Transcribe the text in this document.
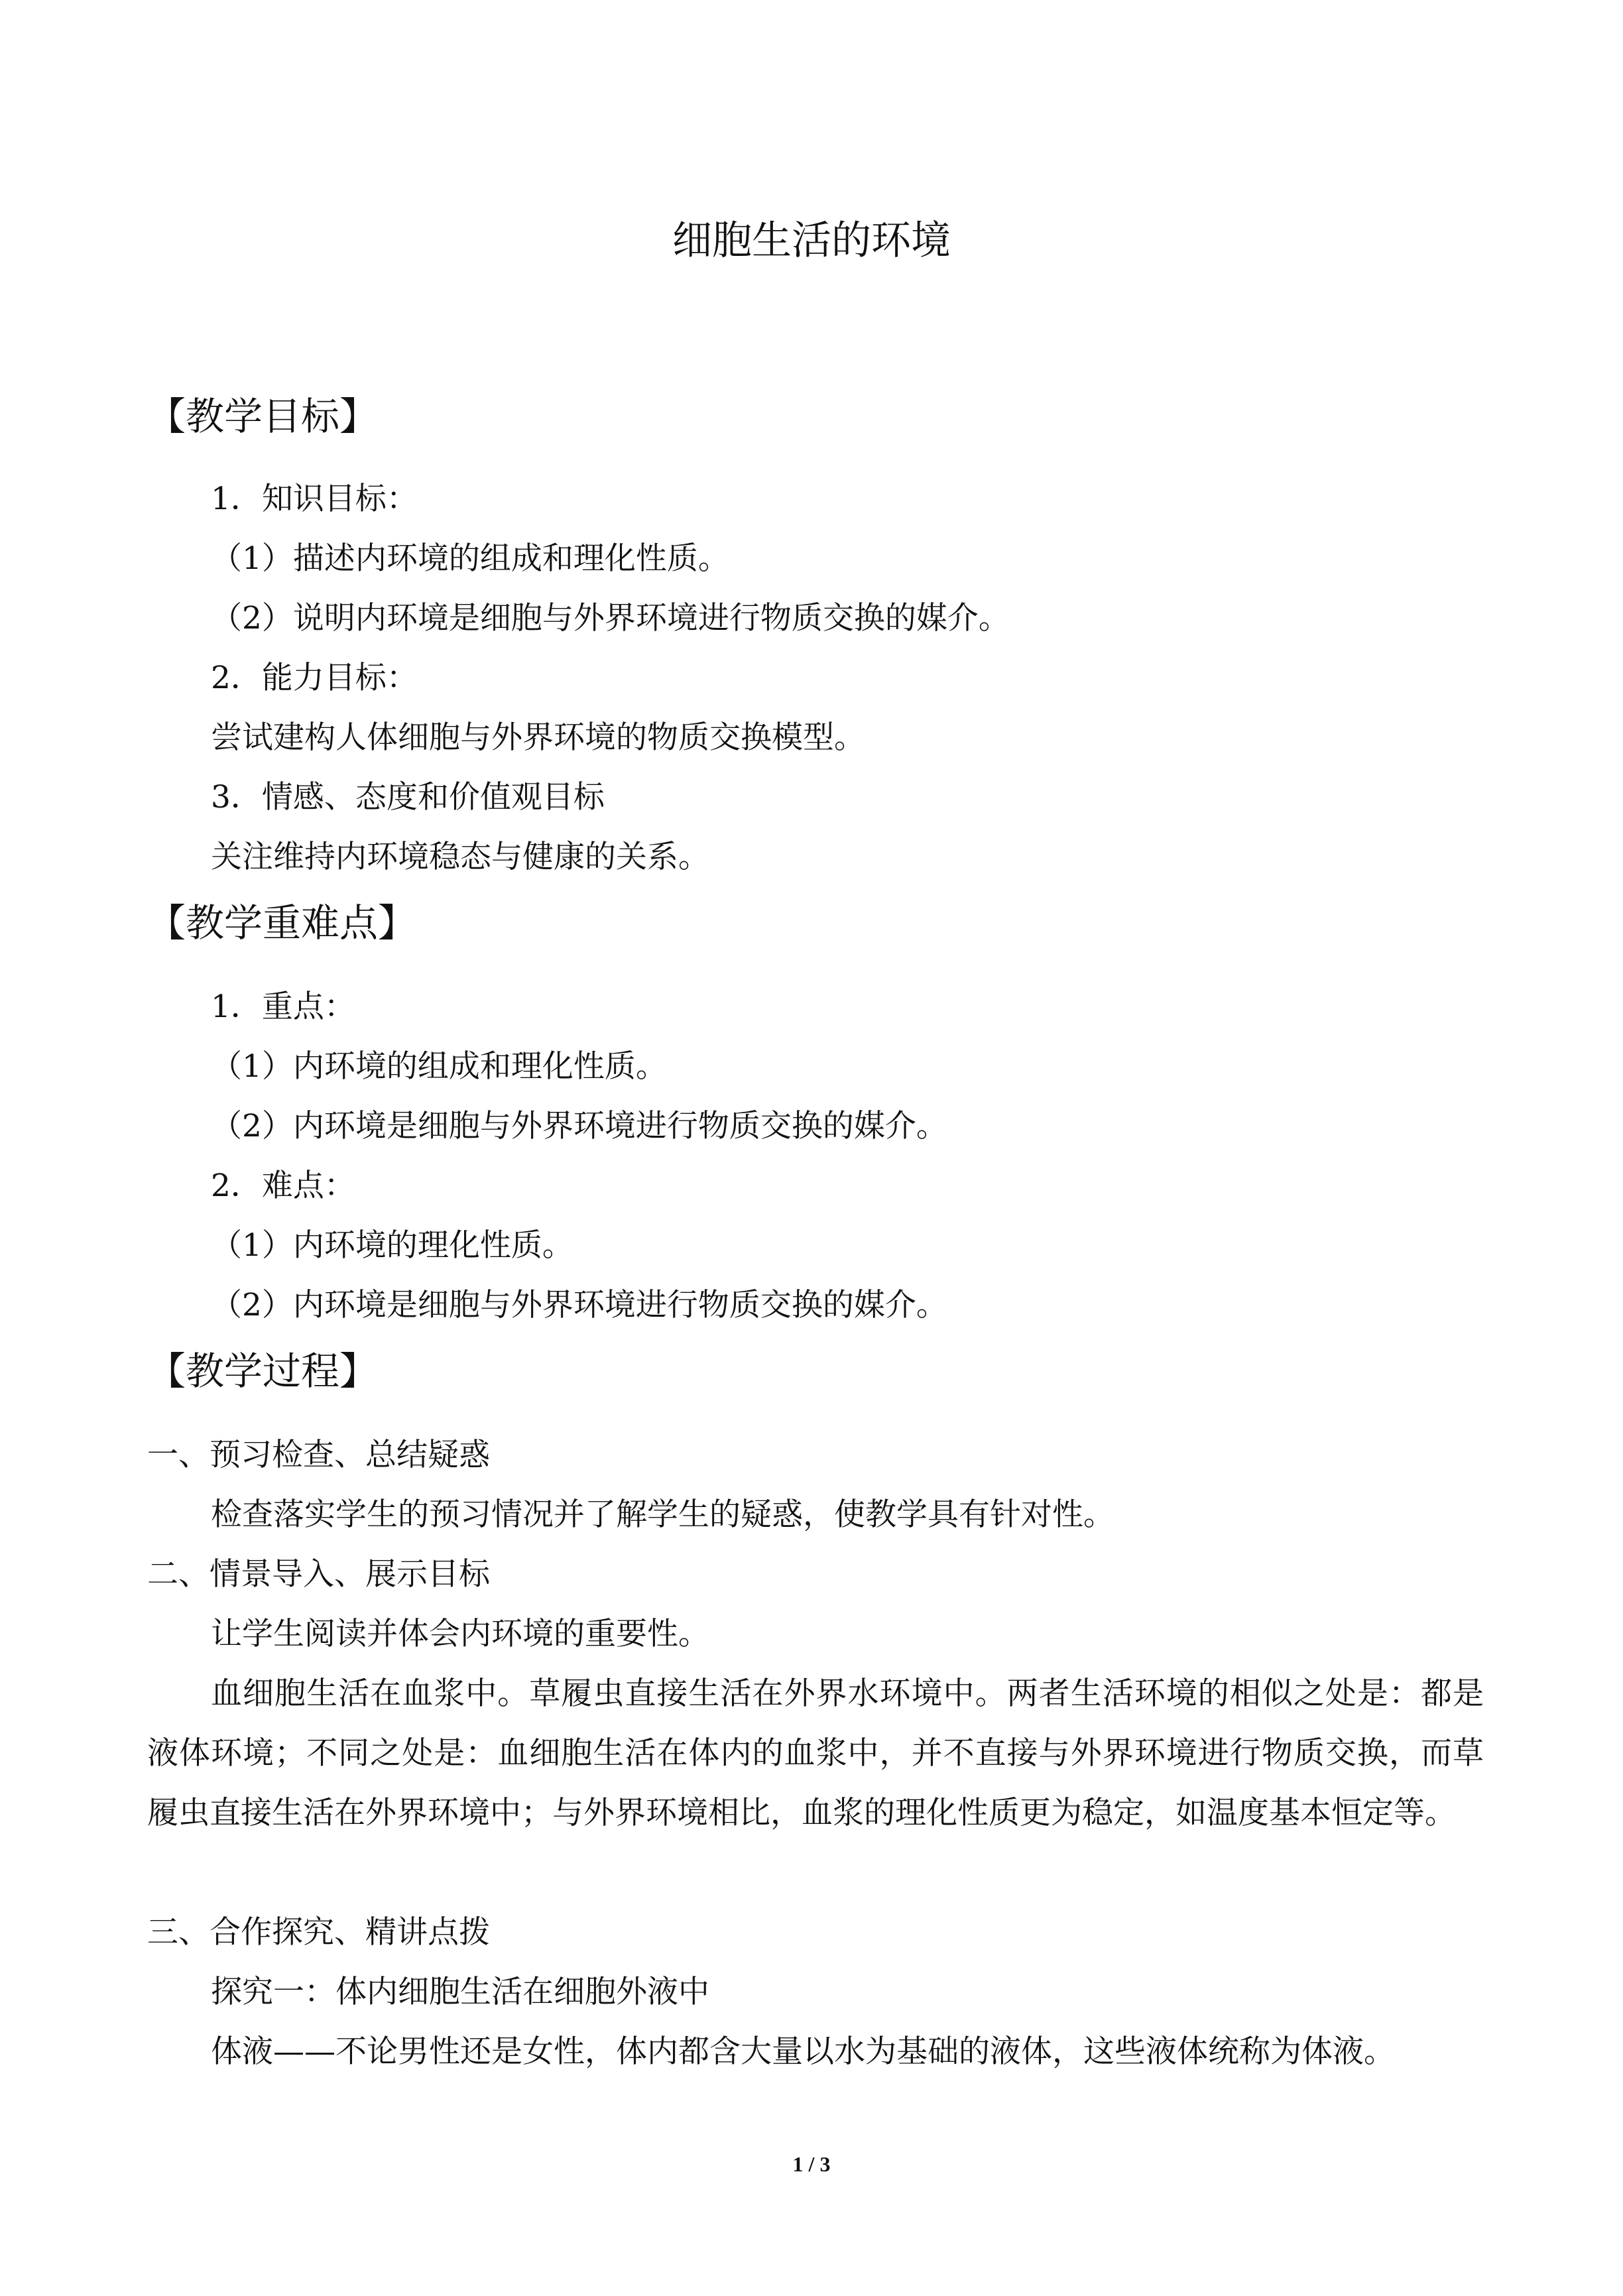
细胞生活的环境
【教学目标】
1．知识目标：
（1）描述内环境的组成和理化性质。
（2）说明内环境是细胞与外界环境进行物质交换的媒介。
2．能力目标：
尝试建构人体细胞与外界环境的物质交换模型。
3．情感、态度和价值观目标
关注维持内环境稳态与健康的关系。
【教学重难点】
1．重点：
（1）内环境的组成和理化性质。
（2）内环境是细胞与外界环境进行物质交换的媒介。
2．难点：
（1）内环境的理化性质。
（2）内环境是细胞与外界环境进行物质交换的媒介。
【教学过程】
一、预习检查、总结疑惑
检查落实学生的预习情况并了解学生的疑惑，使教学具有针对性。
二、情景导入、展示目标
让学生阅读并体会内环境的重要性。
血细胞生活在血浆中。草履虫直接生活在外界水环境中。两者生活环境的相似之处是：都是液体环境；不同之处是：血细胞生活在体内的血浆中，并不直接与外界环境进行物质交换，而草履虫直接生活在外界环境中；与外界环境相比，血浆的理化性质更为稳定，如温度基本恒定等。
三、合作探究、精讲点拨
探究一：体内细胞生活在细胞外液中
体液——不论男性还是女性，体内都含大量以水为基础的液体，这些液体统称为体液。
1 / 3
